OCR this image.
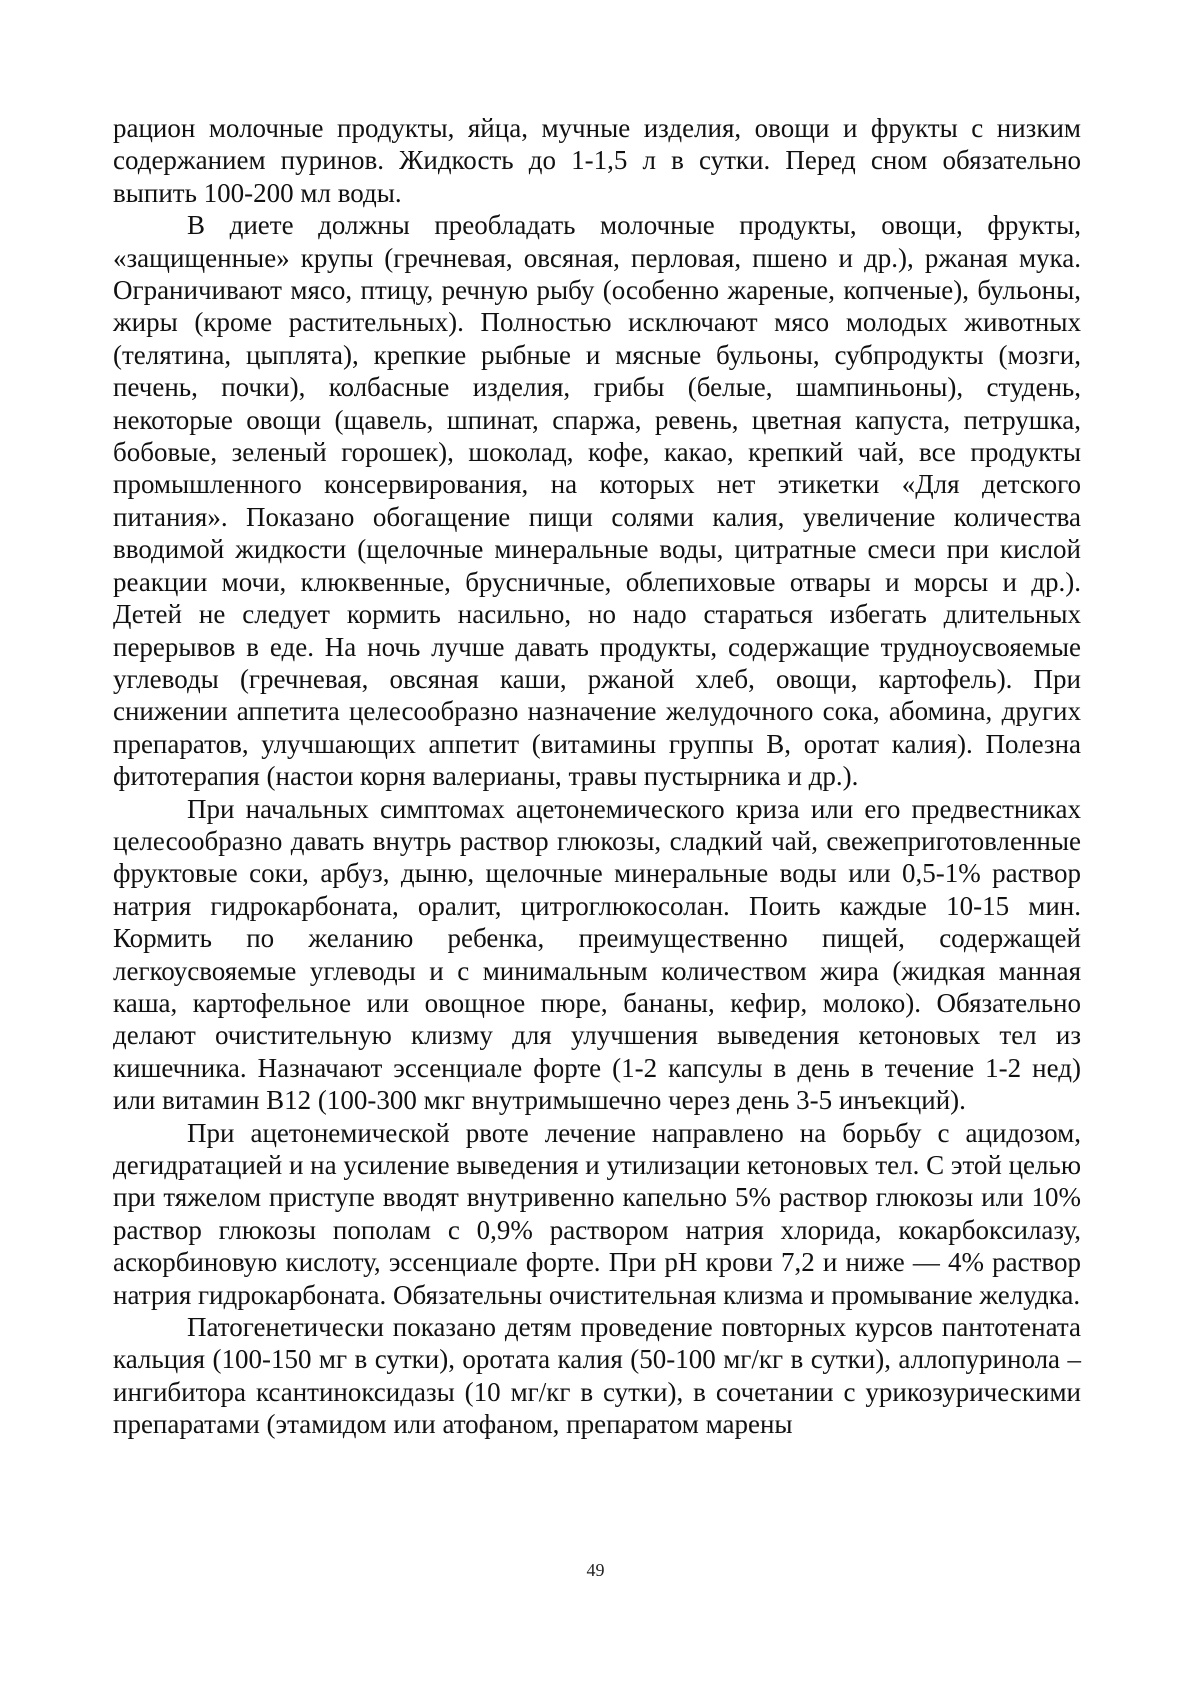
рацион молочные продукты, яйца, мучные изделия, овощи и фрукты с низким содержанием пуринов. Жидкость до 1-1,5 л в сутки. Перед сном обязательно выпить 100-200 мл воды.

В диете должны преобладать молочные продукты, овощи, фрукты, «защищенные» крупы (гречневая, овсяная, перловая, пшено и др.), ржаная мука. Ограничивают мясо, птицу, речную рыбу (особенно жареные, копченые), бульоны, жиры (кроме растительных). Полностью исключают мясо молодых животных (телятина, цыплята), крепкие рыбные и мясные бульоны, субпродукты (мозги, печень, почки), колбасные изделия, грибы (белые, шампиньоны), студень, некоторые овощи (щавель, шпинат, спаржа, ревень, цветная капуста, петрушка, бобовые, зеленый горошек), шоколад, кофе, какао, крепкий чай, все продукты промышленного консервирования, на которых нет этикетки «Для детского питания». Показано обогащение пищи солями калия, увеличение количества вводимой жидкости (щелочные минеральные воды, цитратные смеси при кислой реакции мочи, клюквенные, брусничные, облепиховые отвары и морсы и др.). Детей не следует кормить насильно, но надо стараться избегать длительных перерывов в еде. На ночь лучше давать продукты, содержащие трудноусвояемые углеводы (гречневая, овсяная каши, ржаной хлеб, овощи, картофель). При снижении аппетита целесообразно назначение желудочного сока, абомина, других препаратов, улучшающих аппетит (витамины группы В, оротат калия). Полезна фитотерапия (настои корня валерианы, травы пустырника и др.).

При начальных симптомах ацетонемического криза или его предвестниках целесообразно давать внутрь раствор глюкозы, сладкий чай, свежеприготовленные фруктовые соки, арбуз, дыню, щелочные минеральные воды или 0,5-1% раствор натрия гидрокарбоната, оралит, цитроглюкосолан. Поить каждые 10-15 мин. Кормить по желанию ребенка, преимущественно пищей, содержащей легкоусвояемые углеводы и с минимальным количеством жира (жидкая манная каша, картофельное или овощное пюре, бананы, кефир, молоко). Обязательно делают очистительную клизму для улучшения выведения кетоновых тел из кишечника. Назначают эссенциале форте (1-2 капсулы в день в течение 1-2 нед) или витамин В12 (100-300 мкг внутримышечно через день 3-5 инъекций).

При ацетонемической рвоте лечение направлено на борьбу с ацидозом, дегидратацией и на усиление выведения и утилизации кетоновых тел. С этой целью при тяжелом приступе вводят внутривенно капельно 5% раствор глюкозы или 10% раствор глюкозы пополам с 0,9% раствором натрия хлорида, кокарбоксилазу, аскорбиновую кислоту, эссенциале форте. При рН крови 7,2 и ниже — 4% раствор натрия гидрокарбоната. Обязательны очистительная клизма и промывание желудка.

Патогенетически показано детям проведение повторных курсов пантотената кальция (100-150 мг в сутки), оротата калия (50-100 мг/кг в сутки), аллопуринола – ингибитора ксантиноксидазы (10 мг/кг в сутки), в сочетании с урикозурическими препаратами (этамидом или атофаном, препаратом марены

49
